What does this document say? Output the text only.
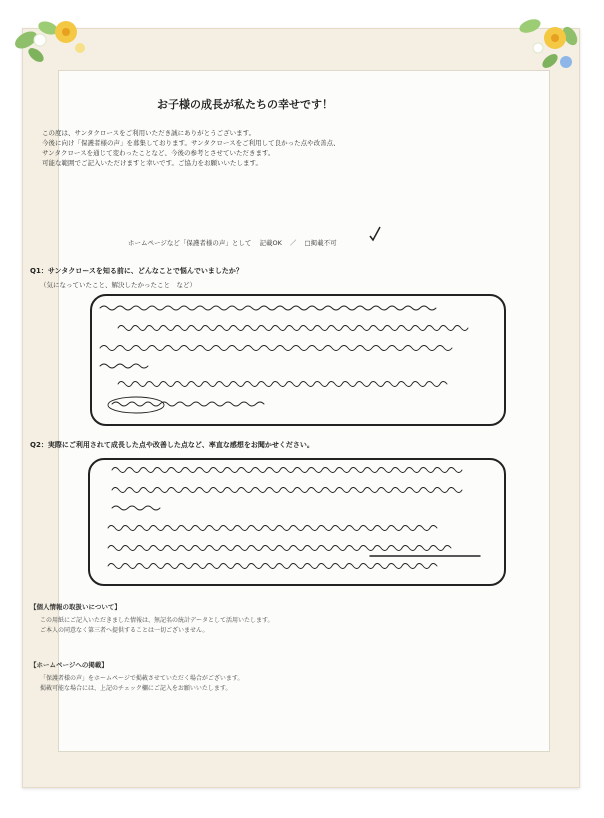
お子様の成長が私たちの幸せです！
この度は、サンタクロースをご利用いただき誠にありがとうございます。
今後に向け「保護者様の声」を募集しております。サンタクロースをご利用して良かった点や改善点、
サンタクロースを通じて変わったことなど、今後の参考とさせていただきます。
可能な範囲でご記入いただけますと幸いです。ご協力をお願いいたします。
ホームページなど「保護者様の声」として 記載OK ／ □掲載不可
Q1：サンタクロースを知る前に、どんなことで悩んでいましたか？
（気になっていたこと、解決したかったこと　など）
Q2：実際にご利用されて成長した点や改善した点など、率直な感想をお聞かせください。
【個人情報の取扱いについて】
この用紙にご記入いただきました情報は、無記名の統計データとして活用いたします。
ご本人の同意なく第三者へ提供することは一切ございません。
【ホームページへの掲載】
「保護者様の声」をホームページで掲載させていただく場合がございます。
掲載可能な場合には、上記のチェック欄にご記入をお願いいたします。
